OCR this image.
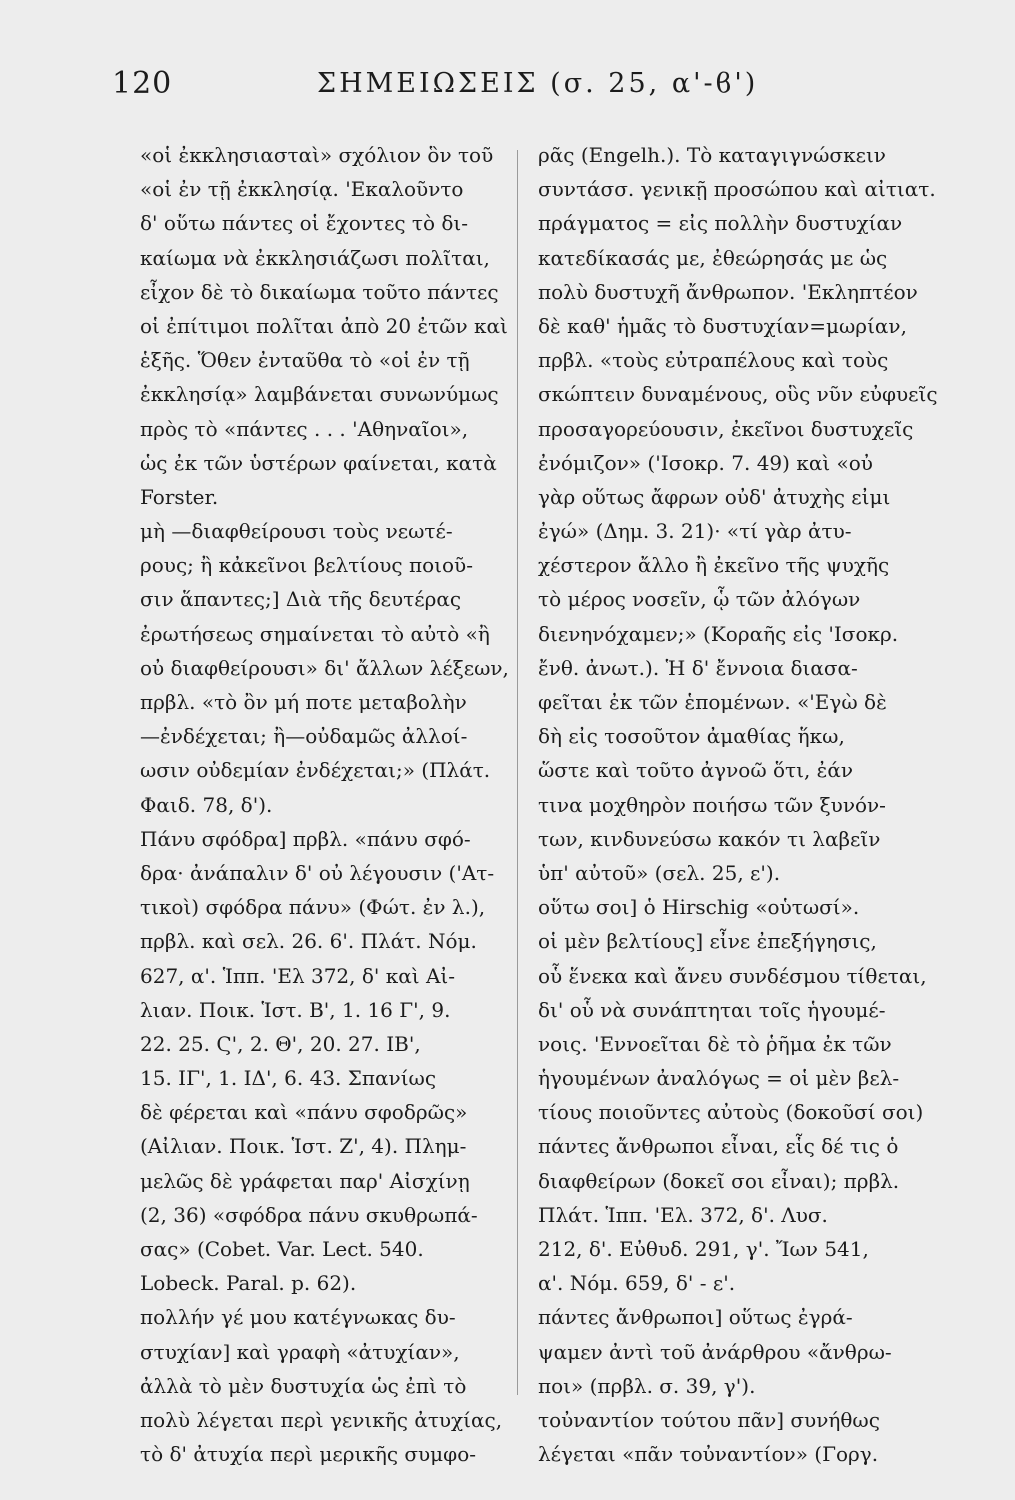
120	ΣΗΜΕΙΩΣΕΙΣ (σ. 25, α'-ϐ')
«οἱ ἐκκλησιασταὶ» σχόλιον ὃν τοῦ
«οἱ ἐν τῇ ἐκκλησίᾳ. 'Εκαλοῦντο
δ' οὕτω πάντες οἱ ἔχοντες τὸ δι-
καίωμα νὰ ἐκκλησιάζωσι πολῖται,
εἶχον δὲ τὸ δικαίωμα τοῦτο πάντες
οἱ ἐπίτιμοι πολῖται ἀπὸ 20 ἐτῶν καὶ
ἑξῆς. Ὅθεν ἐνταῦθα τὸ «οἱ ἐν τῇ
ἐκκλησίᾳ» λαμβάνεται συνωνύμως
πρὸς τὸ «πάντες . . . 'Αθηναῖοι»,
ὡς ἐκ τῶν ὑστέρων φαίνεται, κατὰ
Forster.
μὴ —διαφθείρουσι τοὺς νεωτέ-
ρους; ἢ κἀκεῖνοι βελτίους ποιοῦ-
σιν ἅπαντες;] Διὰ τῆς δευτέρας
ἐρωτήσεως σημαίνεται τὸ αὐτὸ «ἢ
οὐ διαφθείρουσι» δι' ἄλλων λέξεων,
πρβλ. «τὸ ὂν μή ποτε μεταβολὴν
—ἐνδέχεται; ἢ—οὐδαμῶς ἀλλοί-
ωσιν οὐδεμίαν ἐνδέχεται;» (Πλάτ.
Φαιδ. 78, δ').
Πάνυ σφόδρα] πρβλ. «πάνυ σφό-
δρα· ἀνάπαλιν δ' οὐ λέγουσιν ('Ατ-
τικοὶ) σφόδρα πάνυ» (Φώτ. ἐν λ.),
πρβλ. καὶ σελ. 26. 6'. Πλάτ. Νόμ.
627, α'. Ἱππ. 'Ελ 372, δ' καὶ Αἰ-
λιαν. Ποικ. Ἱστ. Β', 1. 16 Γ', 9.
22. 25. Ϛ', 2. Θ', 20. 27. ΙΒ',
15. ΙΓ', 1. ΙΔ', 6. 43. Σπανίως
δὲ φέρεται καὶ «πάνυ σφοδρῶς»
(Αἰλιαν. Ποικ. Ἱστ. Ζ', 4). Πλημ-
μελῶς δὲ γράφεται παρ' Αἰσχίνῃ
(2, 36) «σφόδρα πάνυ σκυθρωπά-
σας» (Cobet. Var. Lect. 540.
Lobeck. Paral. p. 62).
πολλήν γέ μου κατέγνωκας δυ-
στυχίαν] καὶ γραφὴ «ἀτυχίαν»,
ἀλλὰ τὸ μὲν δυστυχία ὡς ἐπὶ τὸ
πολὺ λέγεται περὶ γενικῆς ἀτυχίας,
τὸ δ' ἀτυχία περὶ μερικῆς συμφο-
ρᾶς (Engelh.). Τὸ καταγιγνώσκειν
συντάσσ. γενικῇ προσώπου καὶ αἰτιατ.
πράγματος = εἰς πολλὴν δυστυχίαν
κατεδίκασάς με, ἐθεώρησάς με ὡς
πολὺ δυστυχῆ ἄνθρωπον. 'Εκληπτέον
δὲ καθ' ἡμᾶς τὸ δυστυχίαν=μωρίαν,
πρβλ. «τοὺς εὐτραπέλους καὶ τοὺς
σκώπτειν δυναμένους, οὓς νῦν εὐφυεῖς
προσαγορεύουσιν, ἐκεῖνοι δυστυχεῖς
ἐνόμιζον» ('Ισοκρ. 7. 49) καὶ «οὐ
γὰρ οὕτως ἄφρων οὐδ' ἀτυχὴς εἰμι
ἐγώ» (Δημ. 3. 21)· «τί γὰρ ἀτυ-
χέστερον ἄλλο ἢ ἐκεῖνο τῆς ψυχῆς
τὸ μέρος νοσεῖν, ᾧ τῶν ἀλόγων
διενηνόχαμεν;» (Κοραῆς εἰς 'Ισοκρ.
ἔνθ. ἀνωτ.). Ἡ δ' ἔννοια διασα-
φεῖται ἐκ τῶν ἑπομένων. «'Εγὼ δὲ
δὴ εἰς τοσοῦτον ἀμαθίας ἥκω,
ὥστε καὶ τοῦτο ἀγνοῶ ὅτι, ἐάν
τινα μοχθηρὸν ποιήσω τῶν ξυνόν-
των, κινδυνεύσω κακόν τι λαβεῖν
ὑπ' αὐτοῦ» (σελ. 25, ε').
οὕτω σοι] ὁ Hirschig «οὑτωσί».
οἱ μὲν βελτίους] εἶνε ἐπεξήγησις,
οὗ ἕνεκα καὶ ἄνευ συνδέσμου τίθεται,
δι' οὗ νὰ συνάπτηται τοῖς ἡγουμέ-
νοις. 'Εννοεῖται δὲ τὸ ῥῆμα ἐκ τῶν
ἡγουμένων ἀναλόγως = οἱ μὲν βελ-
τίους ποιοῦντες αὐτοὺς (δοκοῦσί σοι)
πάντες ἄνθρωποι εἶναι, εἷς δέ τις ὁ
διαφθείρων (δοκεῖ σοι εἶναι); πρβλ.
Πλάτ. Ἱππ. 'Ελ. 372, δ'. Λυσ.
212, δ'. Εὐθυδ. 291, γ'. Ἴων 541,
α'. Νόμ. 659, δ' - ε'.
πάντες ἄνθρωποι] οὕτως ἐγρά-
ψαμεν ἀντὶ τοῦ ἀνάρθρου «ἄνθρω-
ποι» (πρβλ. σ. 39, γ').
τοὐναντίον τούτου πᾶν] συνήθως
λέγεται «πᾶν τοὐναντίον» (Γοργ.
